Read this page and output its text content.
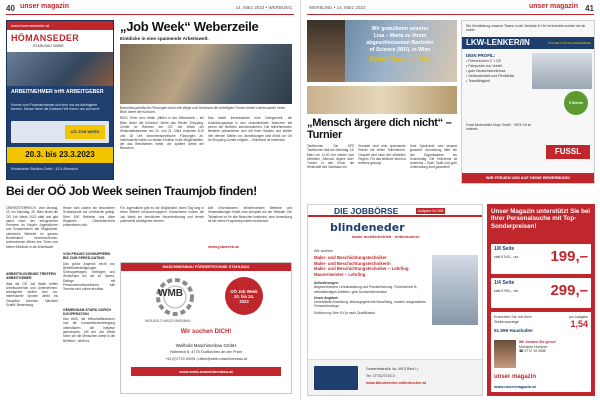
40 unser magazin	14. März 2023 • WERBUNG
www.hoemanseder.at
HÖMANSEDER
STAHLBAU GMBH
ARBEITNEHMER trifft ARBEITGEBER
Kommt zum Prozesshinweise und lernt uns als Arbeitgeber kennen. Schaut hinter die Kulissen! Wir freuen uns auf euch!
OÖ JOB WEEK
20.3. bis 23.3.2023
Hömanseder Stahlbau GmbH · 4211 Alberndorf
„Job Week“ Weberzeile
Einblicke in eine spannende Arbeitswelt.
Branchenspezifische Führungen durch die Wege und Seminare der beteiligten Firmen bieten interessierten einen Blick hinter die Kulissen.
RIED. Einer dem Motto „Mitten in der Weberzeile – ein Blick hinter die Kulissen“ bietet das Rieder Shopping-Center im Rahmen der OÖ Job Week der Wirtschaftskammer am 20. und 21. März zwischen 8.30 und 18 Uhr branchenspezifische Führungen an. Interessierte haben so besten Einblick in die Möglichkeiten, die das Berufsleben bietet, der spätere Arbeit der Branchen.
Das bietet Interessierten eine Gelegenheit, die Ausbildungswege in den verschiedenen Branchen bei einem der Betriebe kennenzulernen. Die teilnehmenden Betriebe präsentieren sich mit ihren Stärken und stellen ihre offenen Stellen vor. Anmeldungen sind direkt vor Ort im Shopping-Center möglich – Teilnahme ist kostenlos.
Bei der OÖ Job Week seinen Traumjob finden!
OBERÖSTERREICH. Vom Montag, 20. bis Samstag, 25. März findet die OÖ Job Week 2023 statt und gibt damit nach der erfolgreichen Premiere im Vorjahr Jugendlichen und Erwachsenen die Möglichkeit, zahlreiche Betriebe im ganzen Bundesland kennenzulernen. Unternehmen öffnen ihre Türen und bieten Einblicke in die Arbeitswelt.
ARBEITSUCHENDE TREFFEN ARBEITGEBER
Was die OÖ Job Week treffen Arbeitsuchende und Unternehmen. Arbeitgeber stellen sich vor, Interessierte können direkt ins Gespräch kommen. Nächster Schritt: Bewerbung.
Heuer wird zudem ein besonderer Schwerpunkt auf Lehrberufe gelegt. Über 600 Betriebe aus allen Regionen Oberösterreichs präsentieren sich.
VON PRAXIS SCHNUPPERN BIS ZUM SPEED-DATING
Das große Angebot reicht von Betriebsbesichtigungen, Schnuppertagen, Vorträgen und Workshops bis hin zu Speed-Datings mit Personalverantwortlichen. Alle Termine sind online abrufbar.
GEMEINSAM STARK DURCH KOOPERATION
Das AMS, die Wirtschaftskammer und die Industriellenvereinigung unterstützen die Initiative gemeinsam. „Mit der Job Week holen wir die Menschen direkt in die Betriebe“, heißt es.
Für Jugendliche gibt es die Möglichkeit, einen Tag lang in einen Betrieb reinzuschnuppern. Erwachsene nutzen die Job Week zur beruflichen Neuorientierung und lernen potenzielle Arbeitgeber kennen.
Alle Informationen, teilnehmenden Betriebe und Veranstaltungen findet man kompakt auf der Website. Die Teilnahme ist für alle Besucher kostenlos, eine Anmeldung ist bei vielen Programmpunkten erwünscht.
www.jobweek.at
MASCHINENBAU FÖRDERTECHNIK STAHLBAU
WMB
WEILBOLD MASCHINENBAU
OÖ Job Week 20. bis 24. 2023
Wir suchen DICH!
Weilbold Maschinenbau GmbH
Hafeneck 6, 4775 Taufkirchen an der Pram
+43 (0)7719 20091 | office@wmb-maschinenbau.at
www.wmb-maschinenbau.at
WERBUNG • 14. März 2023	unser magazin 41
Wir gratulieren unserer
Lisa – Maria zu ihrem
abgeschlossenen Bachelor
of Science (WU), in Wien
Deine Oma und Opa
„Mensch ärgere dich nicht“ – Turnier
Taufkirchen. Der SPÖ Taufkirchen lädt am Samstag, 18. März um 14.00 Uhr wieder zum beliebten „Mensch ärgere dich“ Turnier in das Feuer der Wirtschaft des Gasthaus ein.
Erwartet wird eine spannende Runde mit vielen Teilnehmern. Gespielt wird nach den offiziellen Regeln. Für das leibliche Wohl ist bestens gesorgt.
Jede Spielrunde wird separat gewertet. Anmeldung bitte bei den Organisatoren bis Donnerstag. Die Teilnahme ist kostenlos – Spiel, Spaß und gute Unterhaltung sind garantiert!
Die Verstärkung unseres Teams in der Zentrale in Ort im Innkreis suchen wir ab sofort:
LKW-LENKER/IN	VOLLZEIT FÜR PLANENGEBERE
DEIN PROFIL:
• Führerschein C + CE
• Fahrpraxis von Vorteil
• gute Deutschkenntnisse
• Verlässlichkeit und Flexibilität
• Teamfähigkeit
5 Sterne
Fussl Modestraße Mayr GmbH · 4974 Ort im Innkreis
FUSSL
WIR FREUEN UNS AUF DEINE BEWERBUNG!
DIE JOBBÖRSE	Aufgabe 51 555
blindeneder
maler meisterbetrieb · mitterbucher
Wir suchen
Maler- und Beschichtungstechniker
Maler- und Beschichtungstechnikerin
Maler- und Beschichtungstechniker – Lehrling
Maurermeister – Lehrling
Anforderungen:
Abgeschlossene Lehrausbildung und Praxiserfahrung, Führerschein B, selbstständiges Arbeiten, gute Deutschkenntnisse
Unser Angebot:
Unbefristete Anstellung, leistungsgerechte Bezahlung, modern ausgestattete Firmenfahrzeuge.
Entlohnung: über KV je nach Qualifikation
Gewerbestraße 4a, 4910 Ried i.I.
Tel. 07752/7192-0
www.blindeneder-mitterbucher.at
Unser Magazin unterstützt Sie bei Ihrer Personalsuche mit Top-Sonderpreisen!
1/8 Seite
statt € 549,– nur 199,–
1/4 Seite
statt € 990,– nur 299,–
Erreichen Sie mit Ihrer Stellenanzeige
51.999 Haushalte!
pro Ausgabe
1,54
Wir beraten Sie gerne!
Michaela Hummer
☎ 0772 19 3085
unser magazin
www.unsermagazin.at
